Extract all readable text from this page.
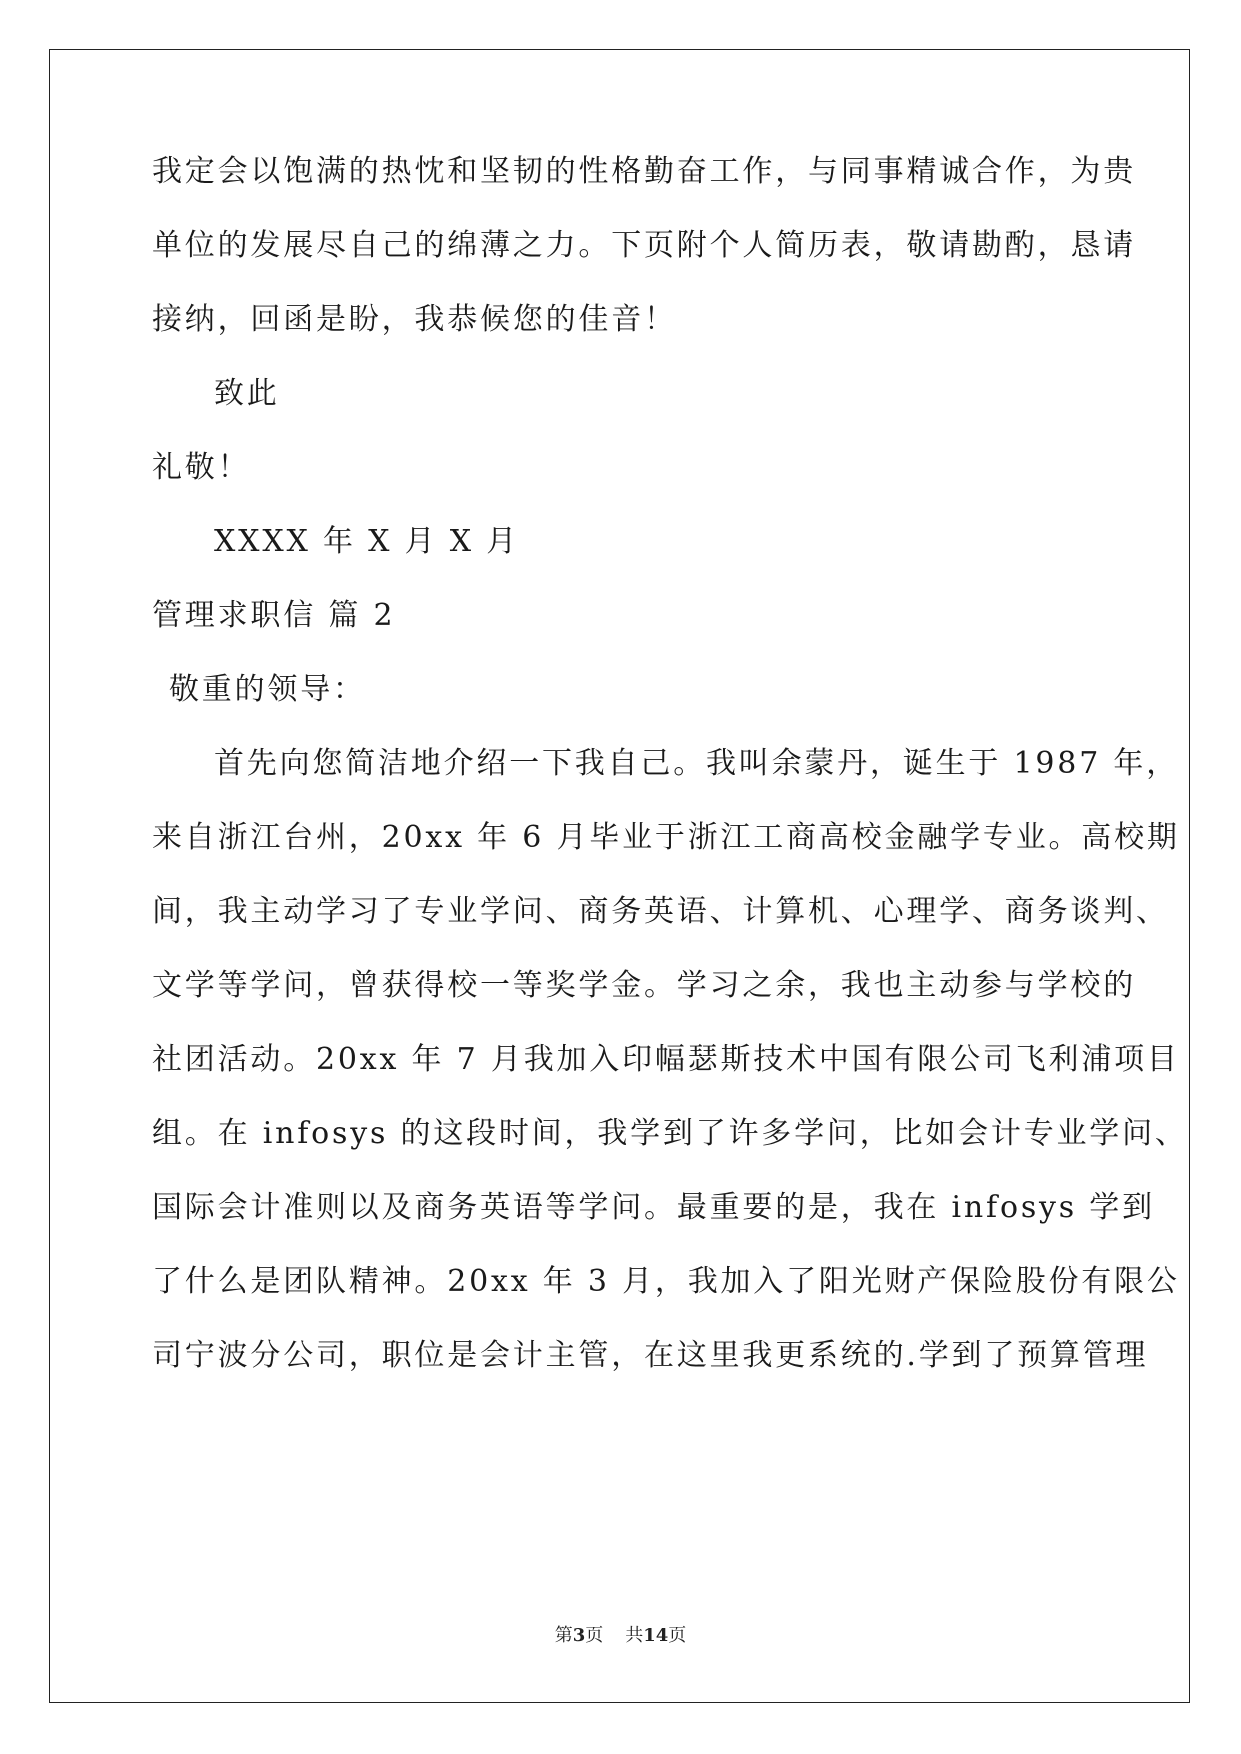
我定会以饱满的热忱和坚韧的性格勤奋工作，与同事精诚合作，为贵
单位的发展尽自己的绵薄之力。下页附个人简历表，敬请勘酌，恳请
接纳，回函是盼，我恭候您的佳音！
致此
礼敬！
XXXX 年 X 月 X 月
管理求职信 篇 2
敬重的领导：
首先向您简洁地介绍一下我自己。我叫余蒙丹，诞生于 1987 年，
来自浙江台州，20xx 年 6 月毕业于浙江工商高校金融学专业。高校期
间，我主动学习了专业学问、商务英语、计算机、心理学、商务谈判、
文学等学问，曾获得校一等奖学金。学习之余，我也主动参与学校的
社团活动。20xx 年 7 月我加入印幅瑟斯技术中国有限公司飞利浦项目
组。在 infosys 的这段时间，我学到了许多学问，比如会计专业学问、
国际会计准则以及商务英语等学问。最重要的是，我在 infosys 学到
了什么是团队精神。20xx 年 3 月，我加入了阳光财产保险股份有限公
司宁波分公司，职位是会计主管，在这里我更系统的.学到了预算管理
第3页 共14页
